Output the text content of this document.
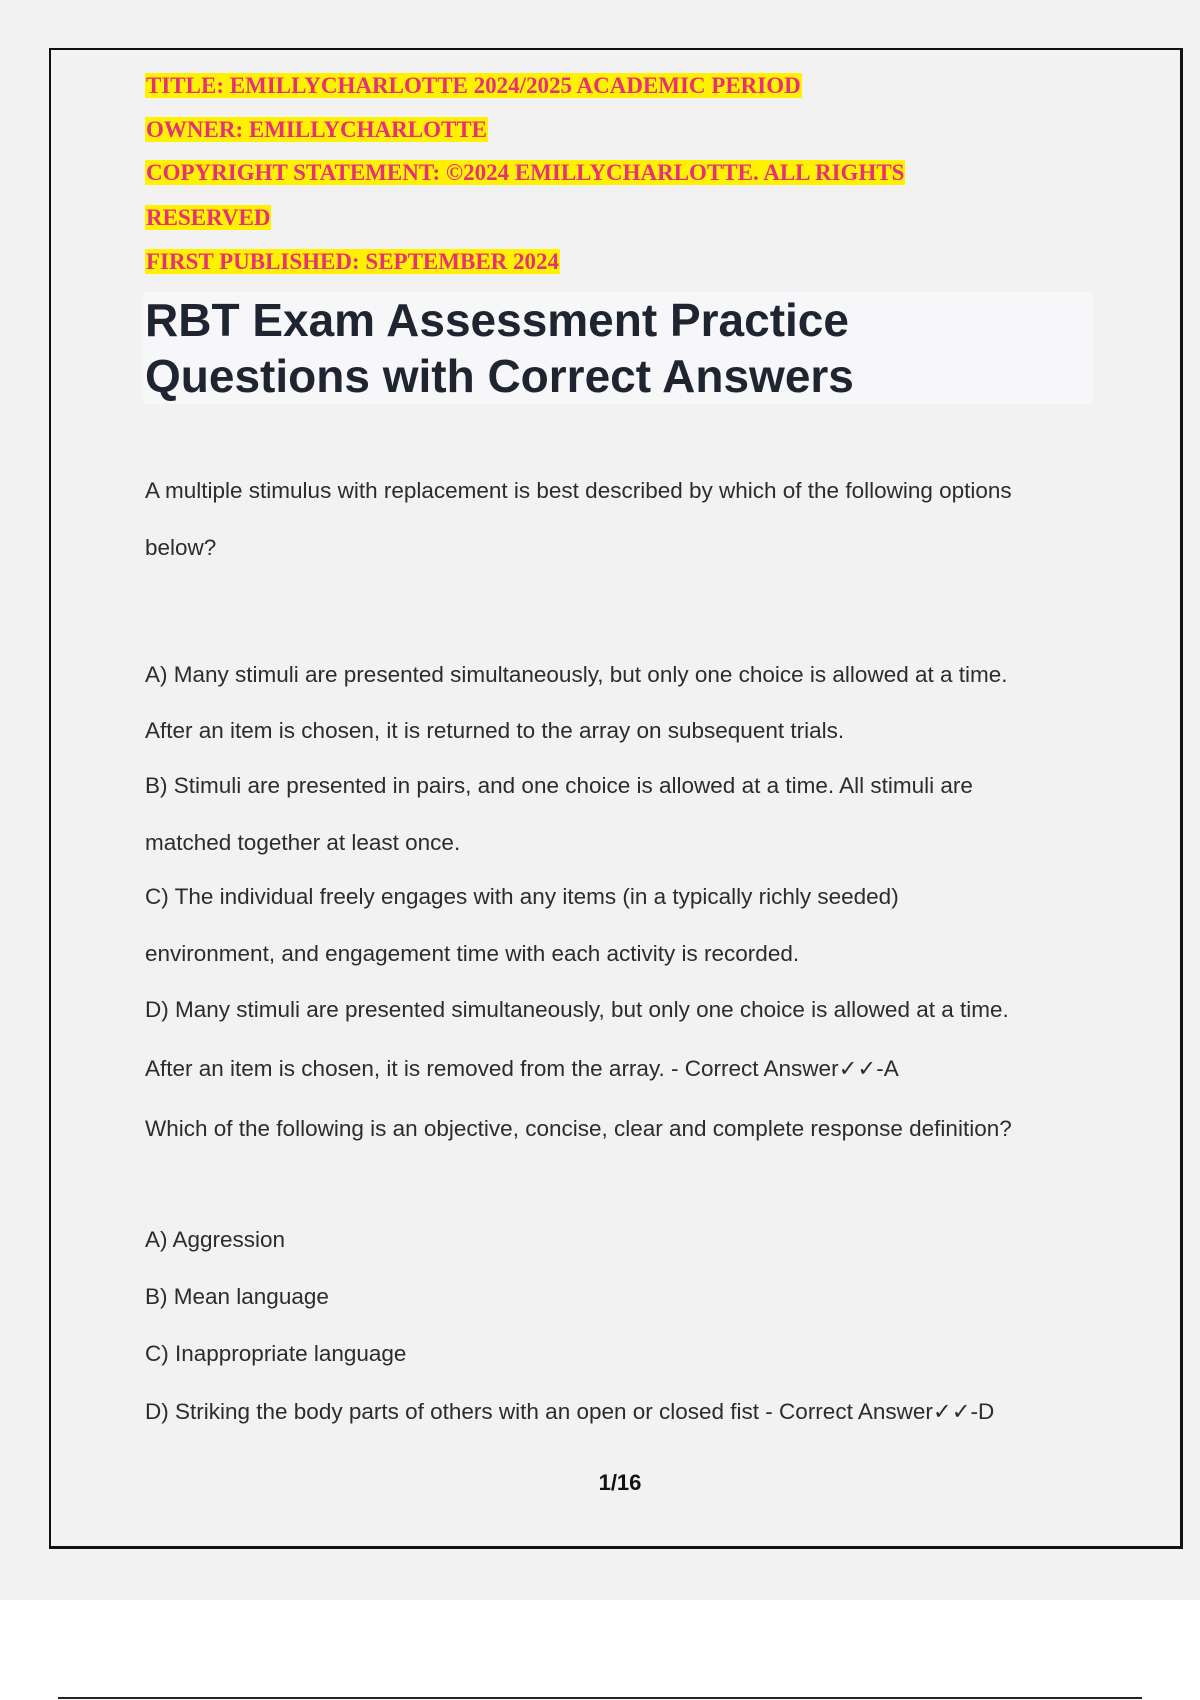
TITLE: EMILLYCHARLOTTE 2024/2025 ACADEMIC PERIOD
OWNER: EMILLYCHARLOTTE
COPYRIGHT STATEMENT: ©2024 EMILLYCHARLOTTE. ALL RIGHTS
RESERVED
FIRST PUBLISHED: SEPTEMBER 2024
RBT Exam Assessment Practice
Questions with Correct Answers
A multiple stimulus with replacement is best described by which of the following options
below?
A) Many stimuli are presented simultaneously, but only one choice is allowed at a time.
After an item is chosen, it is returned to the array on subsequent trials.
B) Stimuli are presented in pairs, and one choice is allowed at a time. All stimuli are
matched together at least once.
C) The individual freely engages with any items (in a typically richly seeded)
environment, and engagement time with each activity is recorded.
D) Many stimuli are presented simultaneously, but only one choice is allowed at a time.
After an item is chosen, it is removed from the array. - Correct Answer✓✓-A
Which of the following is an objective, concise, clear and complete response definition?
A) Aggression
B) Mean language
C) Inappropriate language
D) Striking the body parts of others with an open or closed fist - Correct Answer✓✓-D
1/16
